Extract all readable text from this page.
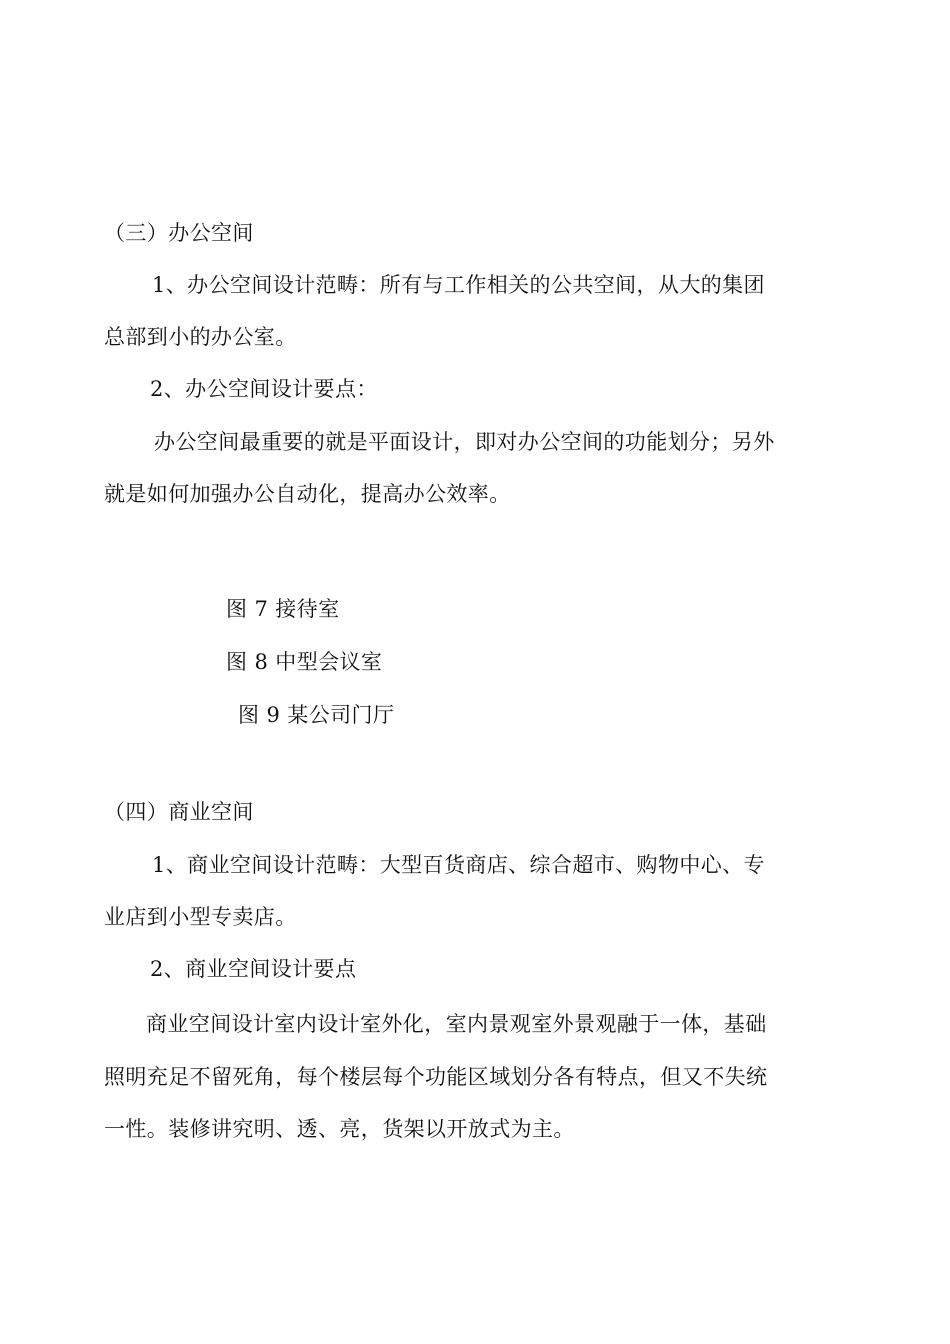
（三）办公空间
1、办公空间设计范畴：所有与工作相关的公共空间，从大的集团
总部到小的办公室。
2、办公空间设计要点：
办公空间最重要的就是平面设计，即对办公空间的功能划分；另外
就是如何加强办公自动化，提高办公效率。
图 7 接待室
图 8 中型会议室
图 9 某公司门厅
（四）商业空间
1、商业空间设计范畴：大型百货商店、综合超市、购物中心、专
业店到小型专卖店。
2、商业空间设计要点
商业空间设计室内设计室外化，室内景观室外景观融于一体，基础
照明充足不留死角，每个楼层每个功能区域划分各有特点，但又不失统
一性。装修讲究明、透、亮，货架以开放式为主。
